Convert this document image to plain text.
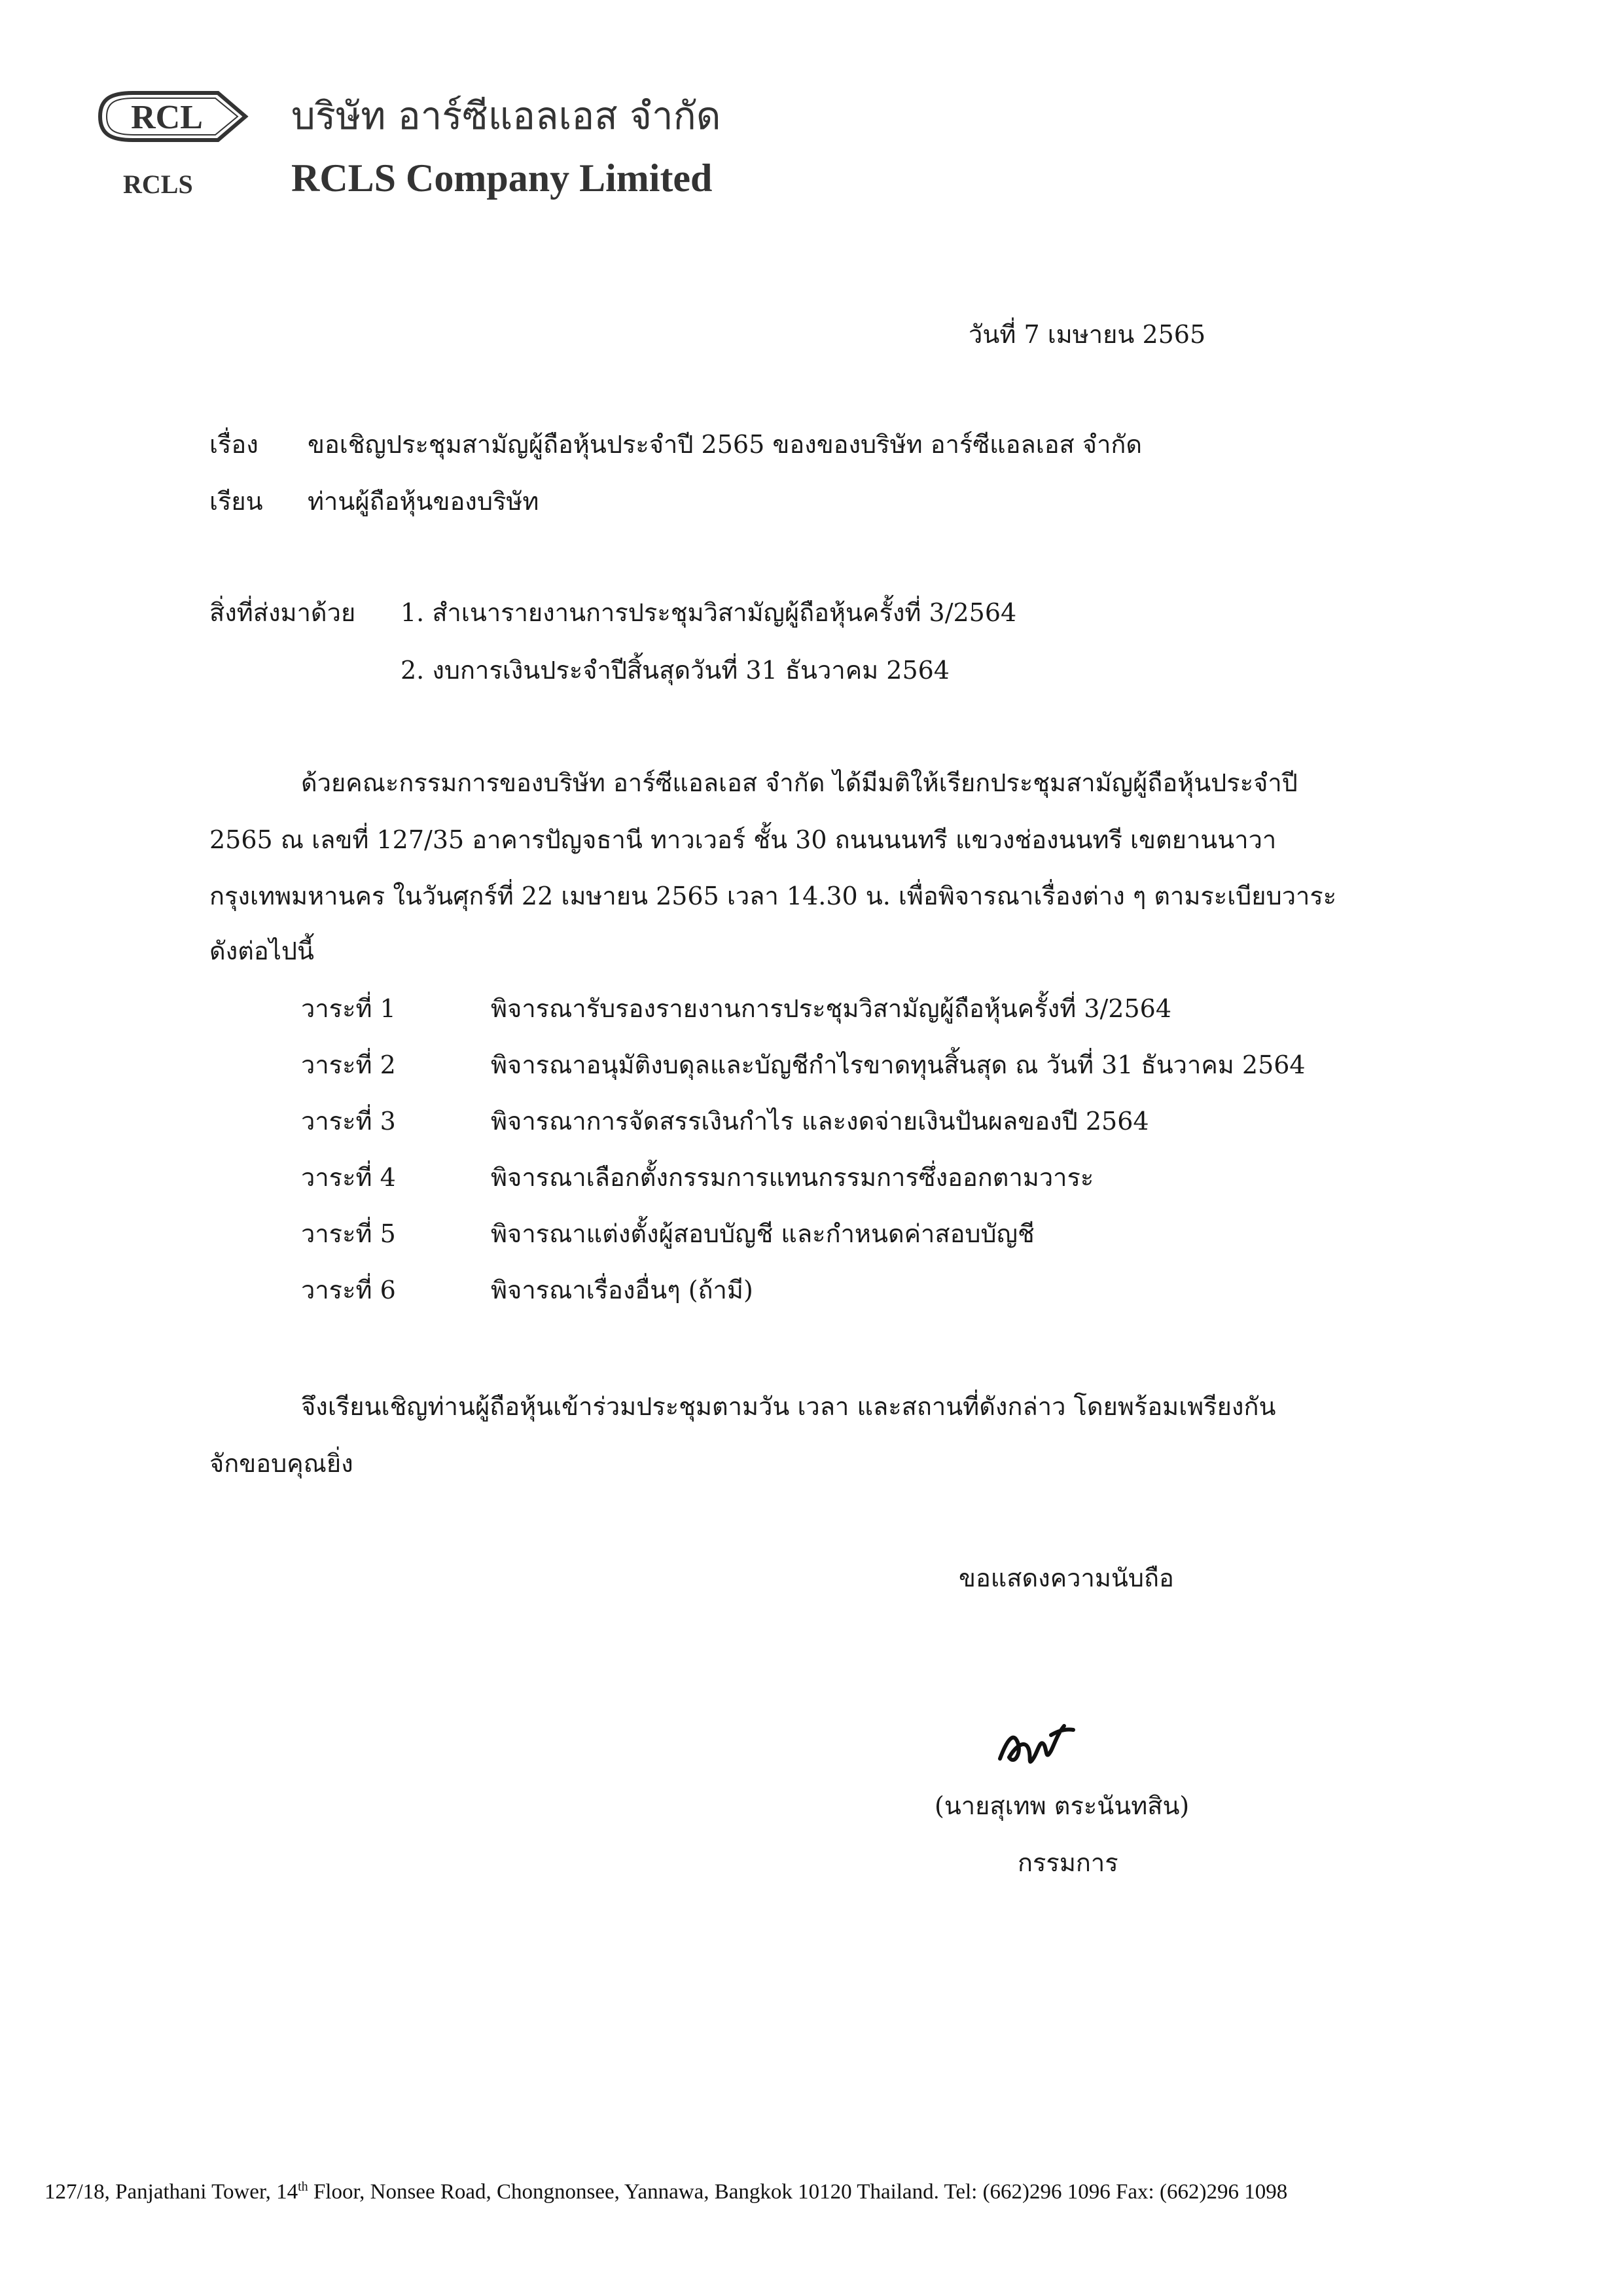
RCL
RCLS
บริษัท อาร์ซีแอลเอส จำกัด
RCLS Company Limited
วันที่ 7 เมษายน 2565
เรื่อง ขอเชิญประชุมสามัญผู้ถือหุ้นประจำปี 2565 ของของบริษัท อาร์ซีแอลเอส จำกัด
เรียน ท่านผู้ถือหุ้นของบริษัท
สิ่งที่ส่งมาด้วย 1. สำเนารายงานการประชุมวิสามัญผู้ถือหุ้นครั้งที่ 3/2564
2. งบการเงินประจำปีสิ้นสุดวันที่ 31 ธันวาคม 2564
ด้วยคณะกรรมการของบริษัท อาร์ซีแอลเอส จำกัด ได้มีมติให้เรียกประชุมสามัญผู้ถือหุ้นประจำปี
2565 ณ เลขที่ 127/35 อาคารปัญจธานี ทาวเวอร์ ชั้น 30 ถนนนนทรี แขวงช่องนนทรี เขตยานนาวา
กรุงเทพมหานคร ในวันศุกร์ที่ 22 เมษายน 2565 เวลา 14.30 น. เพื่อพิจารณาเรื่องต่าง ๆ ตามระเบียบวาระ
ดังต่อไปนี้
วาระที่ 1	พิจารณารับรองรายงานการประชุมวิสามัญผู้ถือหุ้นครั้งที่ 3/2564
วาระที่ 2	พิจารณาอนุมัติงบดุลและบัญชีกำไรขาดทุนสิ้นสุด ณ วันที่ 31 ธันวาคม 2564
วาระที่ 3	พิจารณาการจัดสรรเงินกำไร และงดจ่ายเงินปันผลของปี 2564
วาระที่ 4	พิจารณาเลือกตั้งกรรมการแทนกรรมการซึ่งออกตามวาระ
วาระที่ 5	พิจารณาแต่งตั้งผู้สอบบัญชี และกำหนดค่าสอบบัญชี
วาระที่ 6	พิจารณาเรื่องอื่นๆ (ถ้ามี)
จึงเรียนเชิญท่านผู้ถือหุ้นเข้าร่วมประชุมตามวัน เวลา และสถานที่ดังกล่าว โดยพร้อมเพรียงกัน
จักขอบคุณยิ่ง
ขอแสดงความนับถือ
(นายสุเทพ ตระนันทสิน)
กรรมการ
127/18, Panjathani Tower, 14th Floor, Nonsee Road, Chongnonsee, Yannawa, Bangkok 10120 Thailand. Tel: (662)296 1096 Fax: (662)296 1098
